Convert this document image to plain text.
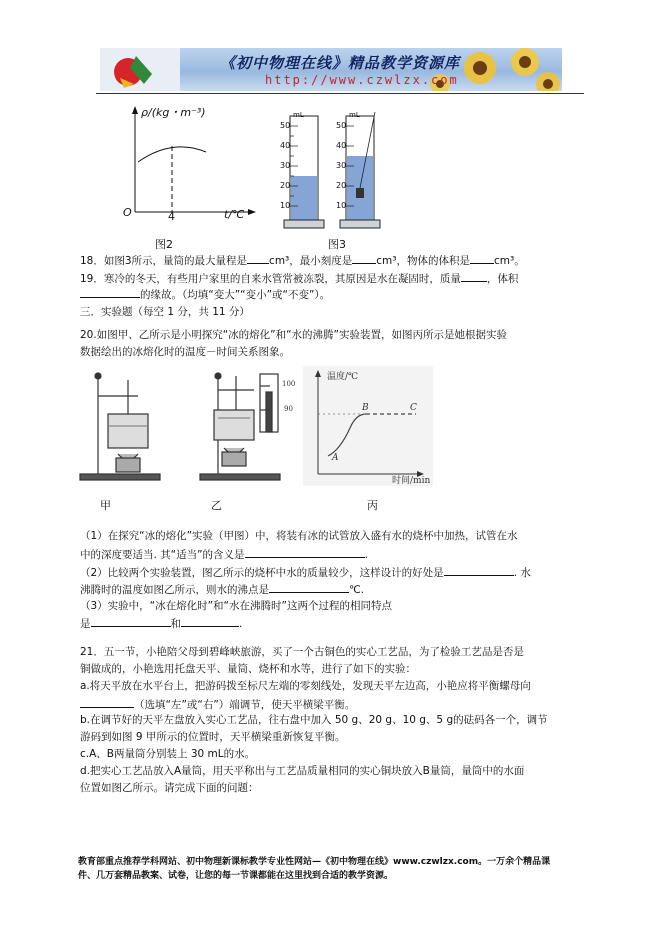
《初中物理在线》精品教学资源库
http://www.czwlzx.com
ρ/(kg・m⁻³)
t/℃
O	4
图2
mL	mL
50
40
30
20
10
50
40
30
20
10
图3
18．如图3所示，量筒的最大量程是 cm³，最小刻度是 cm³，物体的体积是 cm³。
19．寒冷的冬天，有些用户家里的自来水管常被冻裂，其原因是水在凝固时，质量 ，体积
的缘故。（均填“变大”“变小”或“不变”）。
三．实验题（每空 1 分，共 11 分）
20.如图甲、乙所示是小明探究“冰的熔化”和“水的沸腾”实验装置，如图丙所示是她根据实验
数据绘出的冰熔化时的温度－时间关系图象。
温度/℃
时间/min
A
B	C
100
90
甲	乙	丙
（1）在探究“冰的熔化”实验（甲图）中，将装有冰的试管放入盛有水的烧杯中加热，试管在水
中的深度要适当. 其“适当”的含义是	.
（2）比较两个实验装置，图乙所示的烧杯中水的质量较少，这样设计的好处是	. 水
沸腾时的温度如图乙所示，则水的沸点是	℃.
（3）实验中，“冰在熔化时”和“水在沸腾时”这两个过程的相同特点
是	和	.
21．五一节，小艳陪父母到碧峰峡旅游，买了一个古铜色的实心工艺品，为了检验工艺品是否是
铜做成的，小艳选用托盘天平、量筒、烧杯和水等，进行了如下的实验：
a.将天平放在水平台上，把游码拨至标尺左端的零刻线处，发现天平左边高，小艳应将平衡螺母向
（选填“左”或“右”）端调节，使天平横梁平衡。
b.在调节好的天平左盘放入实心工艺品，往右盘中加入 50 g、20 g、10 g、5 g的砝码各一个，调节
游码到如图 9 甲所示的位置时，天平横梁重新恢复平衡。
c.A、B两量筒分别装上 30 mL的水。
d.把实心工艺品放入A量筒，用天平称出与工艺品质量相同的实心铜块放入B量筒，量筒中的水面
位置如图乙所示。请完成下面的问题：
教育部重点推荐学科网站、初中物理新课标教学专业性网站—《初中物理在线》www.czwlzx.com。一万余个精品课
件、几万套精品教案、试卷，让您的每一节课都能在这里找到合适的教学资源。
